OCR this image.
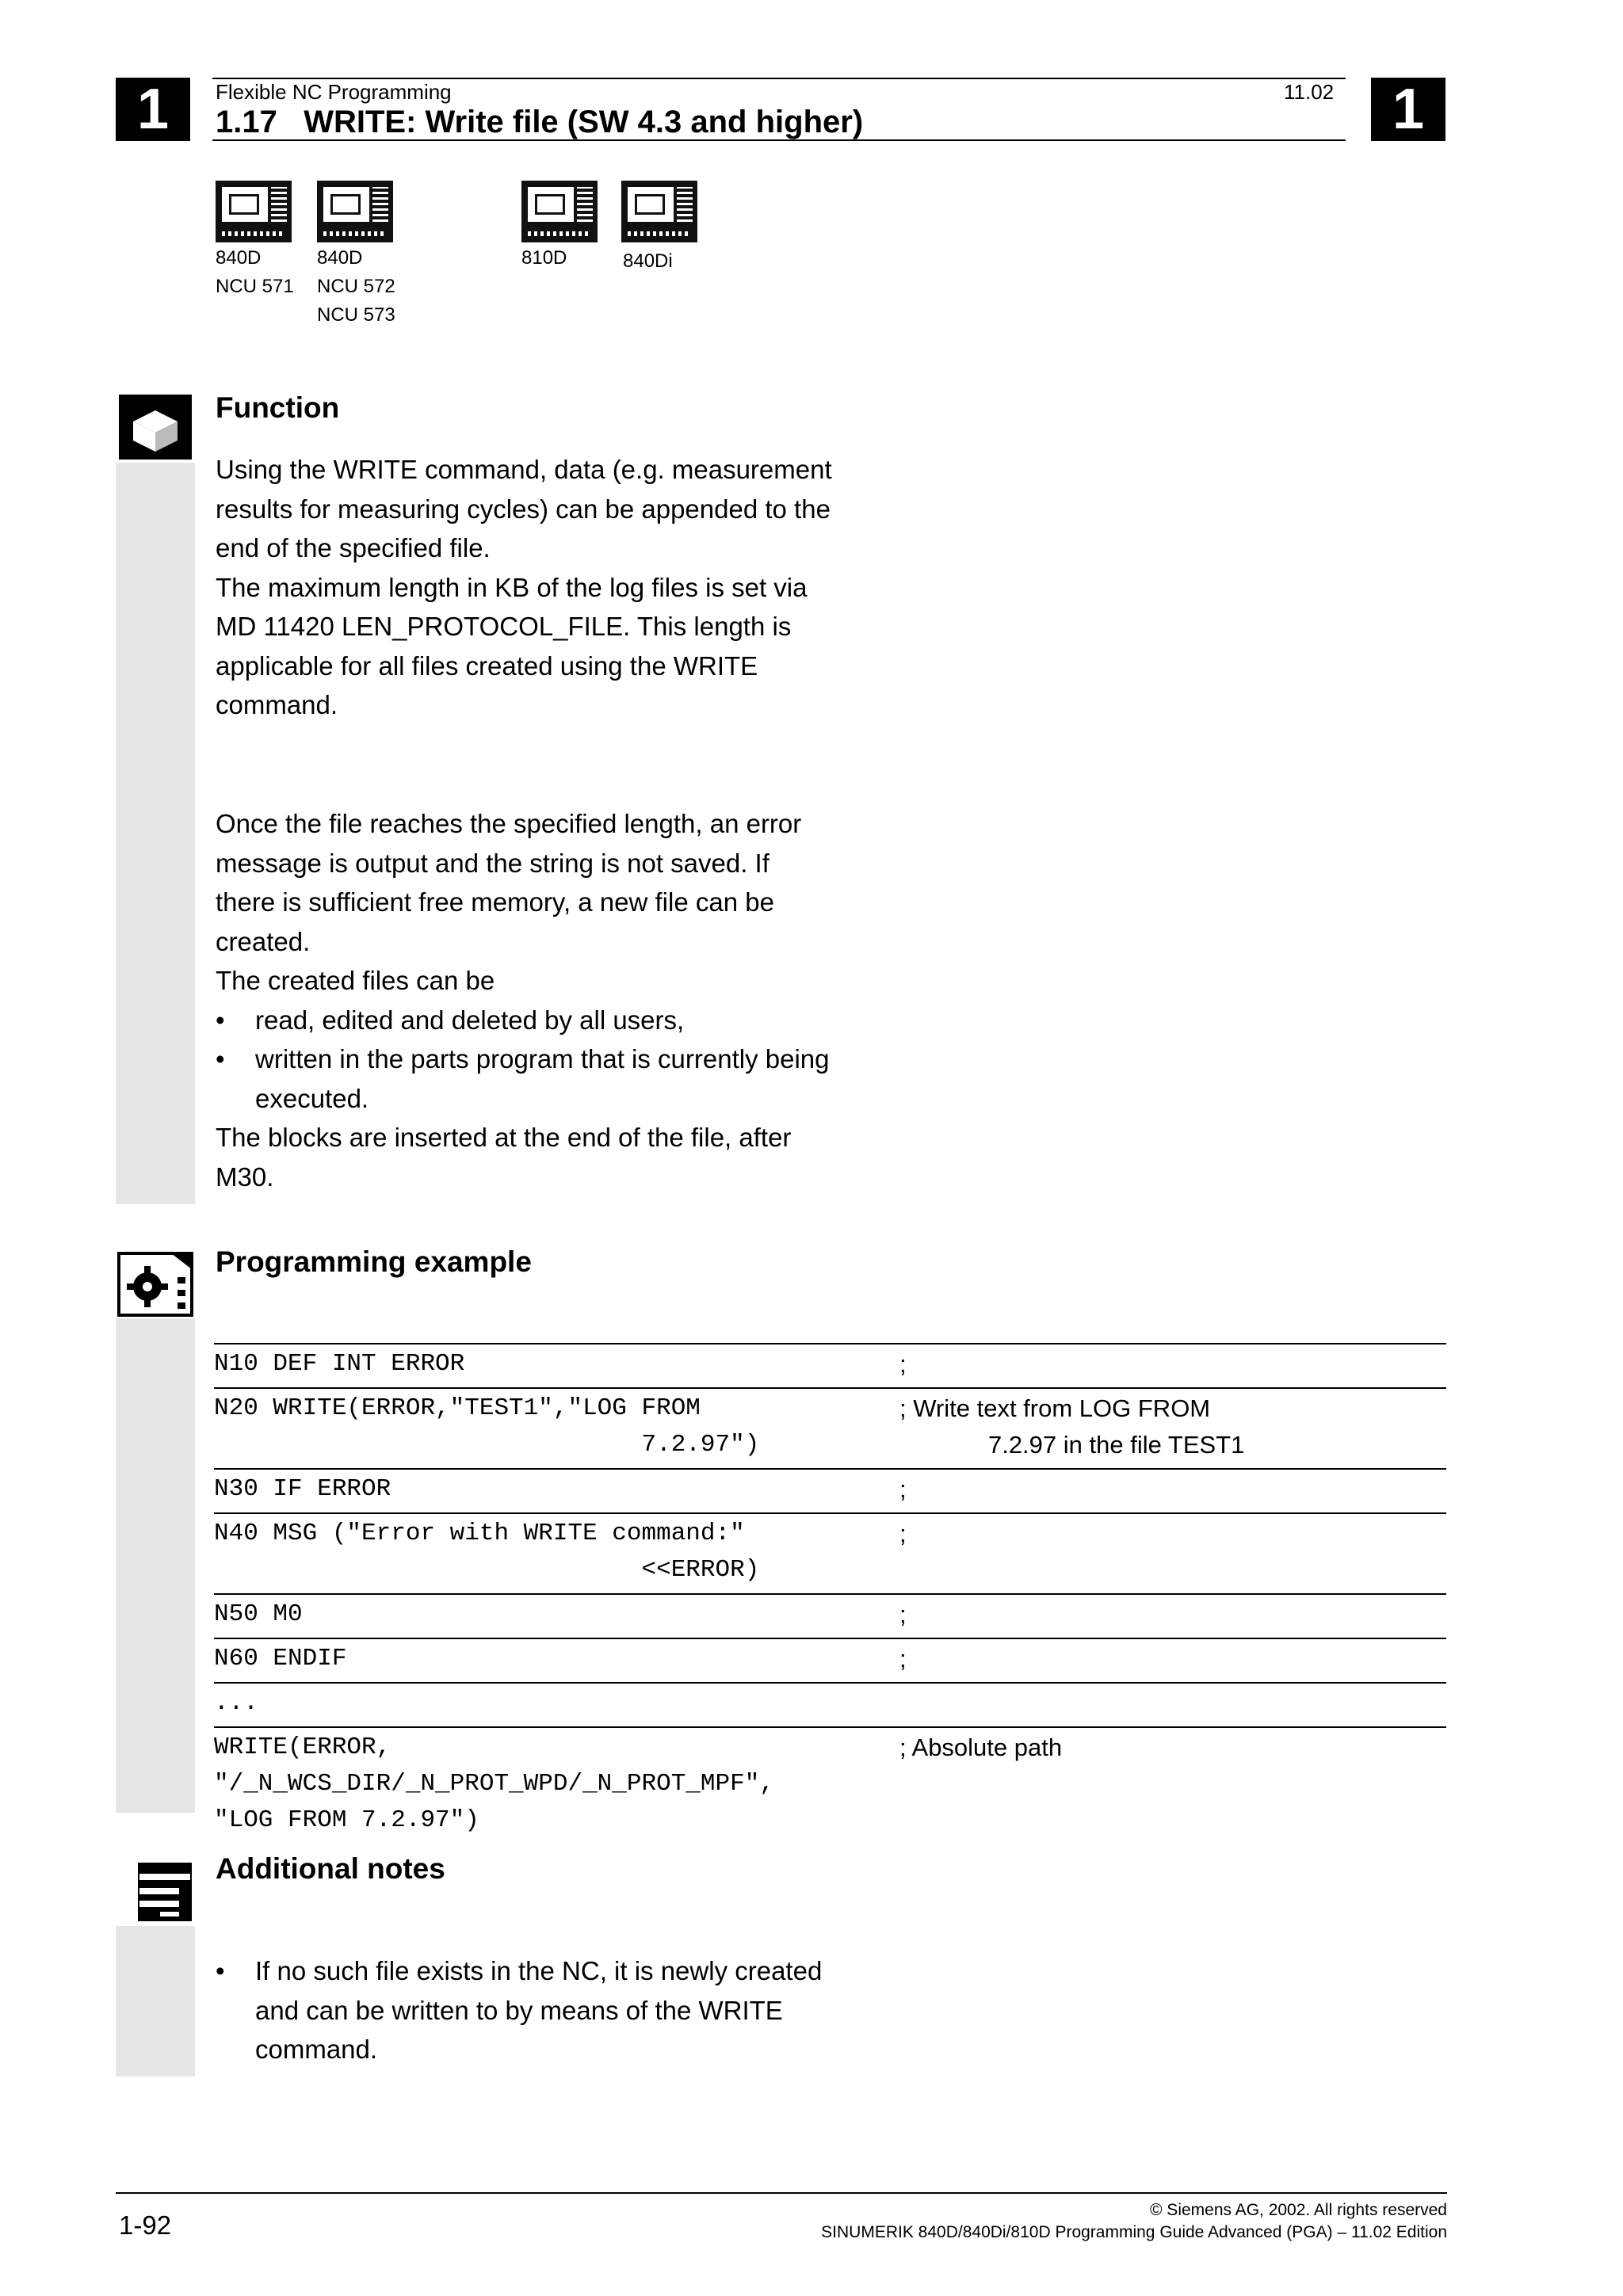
1	1
Flexible NC Programming	11.02
1.17   WRITE: Write file (SW 4.3 and higher)
840D
NCU 571
840D
NCU 572
NCU 573
810D	840Di
Function

Using the WRITE command, data (e.g. measurement

results for measuring cycles) can be appended to the

end of the specified file.

The maximum length in KB of the log files is set via

MD 11420 LEN_PROTOCOL_FILE. This length is

applicable for all files created using the WRITE

command.

Once the file reaches the specified length, an error

message is output and the string is not saved. If

there is sufficient free memory, a new file can be

created.

The created files can be

• read, edited and deleted by all users,

• written in the parts program that is currently being executed.

The blocks are inserted at the end of the file, after

M30.

Programming example
N10 DEF INT ERROR	;
N20 WRITE(ERROR,"TEST1","LOG FROM
7.2.97")	; Write text from LOG FROM
7.2.97 in the file TEST1
N30 IF ERROR	;
N40 MSG ("Error with WRITE command:"
<<ERROR)	;
N50 M0	;
N60 ENDIF	;
...	
WRITE(ERROR,
"/_N_WCS_DIR/_N_PROT_WPD/_N_PROT_MPF",
"LOG FROM 7.2.97")	; Absolute path
Additional notes

• If no such file exists in the NC, it is newly created and can be written to by means of the WRITE command.

1-92
© Siemens AG, 2002. All rights reserved
SINUMERIK 840D/840Di/810D Programming Guide Advanced (PGA) – 11.02 Edition
